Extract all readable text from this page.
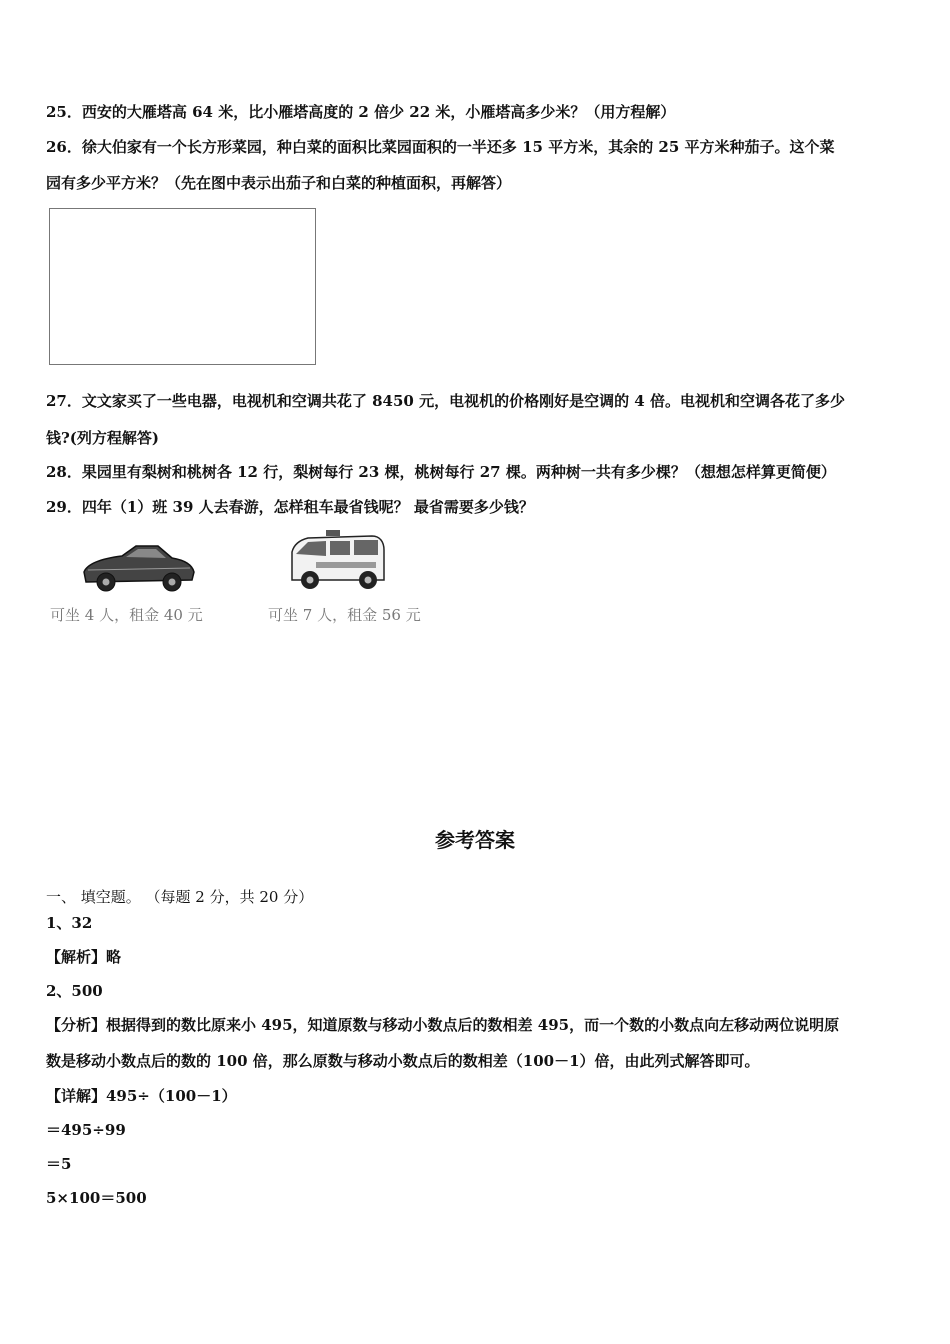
25．西安的大雁塔高 64 米，比小雁塔高度的 2 倍少 22 米，小雁塔高多少米？（用方程解）
26．徐大伯家有一个长方形菜园，种白菜的面积比菜园面积的一半还多 15 平方米，其余的 25 平方米种茄子。这个菜
园有多少平方米？（先在图中表示出茄子和白菜的种植面积，再解答）
27．文文家买了一些电器，电视机和空调共花了 8450 元，电视机的价格刚好是空调的 4 倍。电视机和空调各花了多少
钱?(列方程解答)
28．果园里有梨树和桃树各 12 行，梨树每行 23 棵，桃树每行 27 棵。两种树一共有多少棵？（想想怎样算更简便）
29．四年（1）班 39 人去春游，怎样租车最省钱呢？ 最省需要多少钱？
可坐 4 人，租金 40 元	可坐 7 人，租金 56 元
参考答案
一、 填空题。 （每题 2 分，共 20 分）
1、32
【解析】略
2、500
【分析】根据得到的数比原来小 495，知道原数与移动小数点后的数相差 495，而一个数的小数点向左移动两位说明原
数是移动小数点后的数的 100 倍，那么原数与移动小数点后的数相差（100－1）倍，由此列式解答即可。
【详解】495÷（100－1）
＝495÷99
＝5
5×100＝500
